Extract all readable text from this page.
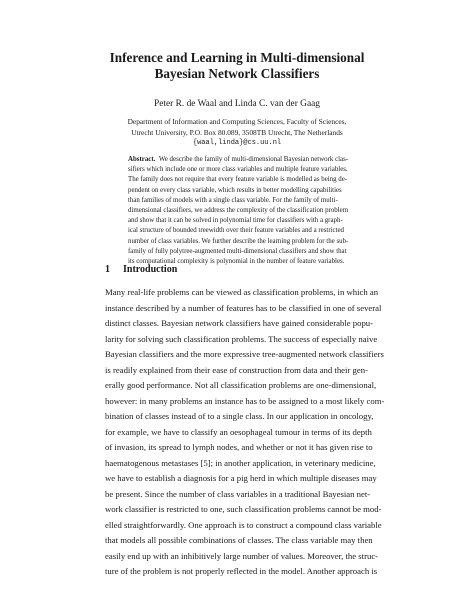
Inference and Learning in Multi-dimensional
Bayesian Network Classifiers
Peter R. de Waal and Linda C. van der Gaag
Department of Information and Computing Sciences, Faculty of Sciences,
Utrecht University, P.O. Box 80.089, 3508TB Utrecht, The Netherlands
{waal,linda}@cs.uu.nl
Abstract. We describe the family of multi-dimensional Bayesian network clas-
sifiers which include one or more class variables and multiple feature variables.
The family does not require that every feature variable is modelled as being de-
pendent on every class variable, which results in better modelling capabilities
than families of models with a single class variable. For the family of multi-
dimensional classifiers, we address the complexity of the classification problem
and show that it can be solved in polynomial time for classifiers with a graph-
ical structure of bounded treewidth over their feature variables and a restricted
number of class variables. We further describe the learning problem for the sub-
family of fully polytree-augmented multi-dimensional classifiers and show that
its computational complexity is polynomial in the number of feature variables.
1 Introduction
Many real-life problems can be viewed as classification problems, in which an
instance described by a number of features has to be classified in one of several
distinct classes. Bayesian network classifiers have gained considerable popu-
larity for solving such classification problems. The success of especially naive
Bayesian classifiers and the more expressive tree-augmented network classifiers
is readily explained from their ease of construction from data and their gen-
erally good performance. Not all classification problems are one-dimensional,
however: in many problems an instance has to be assigned to a most likely com-
bination of classes instead of to a single class. In our application in oncology,
for example, we have to classify an oesophageal tumour in terms of its depth
of invasion, its spread to lymph nodes, and whether or not it has given rise to
haematogenous metastases [5]; in another application, in veterinary medicine,
we have to establish a diagnosis for a pig herd in which multiple diseases may
be present. Since the number of class variables in a traditional Bayesian net-
work classifier is restricted to one, such classification problems cannot be mod-
elled straightforwardly. One approach is to construct a compound class variable
that models all possible combinations of classes. The class variable may then
easily end up with an inhibitively large number of values. Moreover, the struc-
ture of the problem is not properly reflected in the model. Another approach is
